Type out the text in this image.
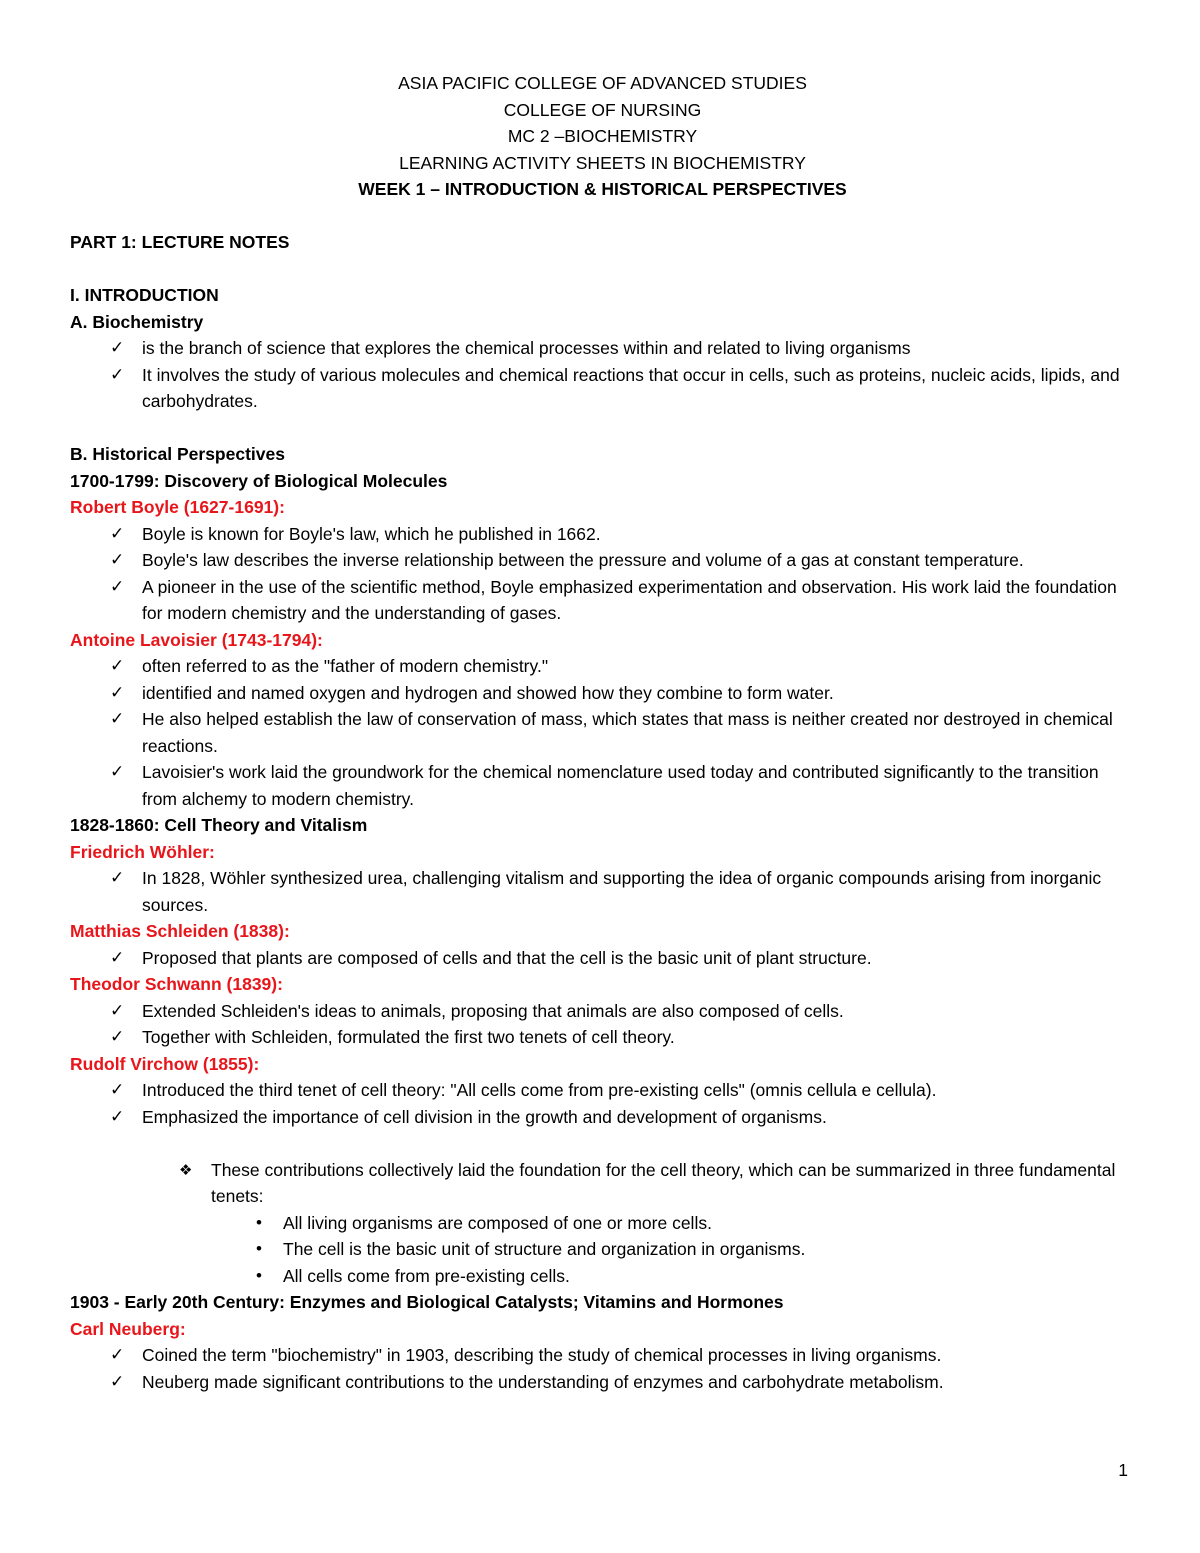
ASIA PACIFIC COLLEGE OF ADVANCED STUDIES
COLLEGE OF NURSING
MC 2 –BIOCHEMISTRY
LEARNING ACTIVITY SHEETS IN BIOCHEMISTRY
WEEK 1 – INTRODUCTION & HISTORICAL PERSPECTIVES
PART 1: LECTURE NOTES
I. INTRODUCTION
A. Biochemistry
✓ is the branch of science that explores the chemical processes within and related to living organisms
✓ It involves the study of various molecules and chemical reactions that occur in cells, such as proteins, nucleic acids, lipids, and carbohydrates.
B. Historical Perspectives
1700-1799: Discovery of Biological Molecules
Robert Boyle (1627-1691):
✓ Boyle is known for Boyle's law, which he published in 1662.
✓ Boyle's law describes the inverse relationship between the pressure and volume of a gas at constant temperature.
✓ A pioneer in the use of the scientific method, Boyle emphasized experimentation and observation. His work laid the foundation for modern chemistry and the understanding of gases.
Antoine Lavoisier (1743-1794):
✓ often referred to as the "father of modern chemistry."
✓ identified and named oxygen and hydrogen and showed how they combine to form water.
✓ He also helped establish the law of conservation of mass, which states that mass is neither created nor destroyed in chemical reactions.
✓ Lavoisier's work laid the groundwork for the chemical nomenclature used today and contributed significantly to the transition from alchemy to modern chemistry.
1828-1860: Cell Theory and Vitalism
Friedrich Wöhler:
✓ In 1828, Wöhler synthesized urea, challenging vitalism and supporting the idea of organic compounds arising from inorganic sources.
Matthias Schleiden (1838):
✓ Proposed that plants are composed of cells and that the cell is the basic unit of plant structure.
Theodor Schwann (1839):
✓ Extended Schleiden's ideas to animals, proposing that animals are also composed of cells.
✓ Together with Schleiden, formulated the first two tenets of cell theory.
Rudolf Virchow (1855):
✓ Introduced the third tenet of cell theory: "All cells come from pre-existing cells" (omnis cellula e cellula).
✓ Emphasized the importance of cell division in the growth and development of organisms.
❖ These contributions collectively laid the foundation for the cell theory, which can be summarized in three fundamental tenets:
• All living organisms are composed of one or more cells.
• The cell is the basic unit of structure and organization in organisms.
• All cells come from pre-existing cells.
1903 - Early 20th Century: Enzymes and Biological Catalysts; Vitamins and Hormones
Carl Neuberg:
✓ Coined the term "biochemistry" in 1903, describing the study of chemical processes in living organisms.
✓ Neuberg made significant contributions to the understanding of enzymes and carbohydrate metabolism.
1
